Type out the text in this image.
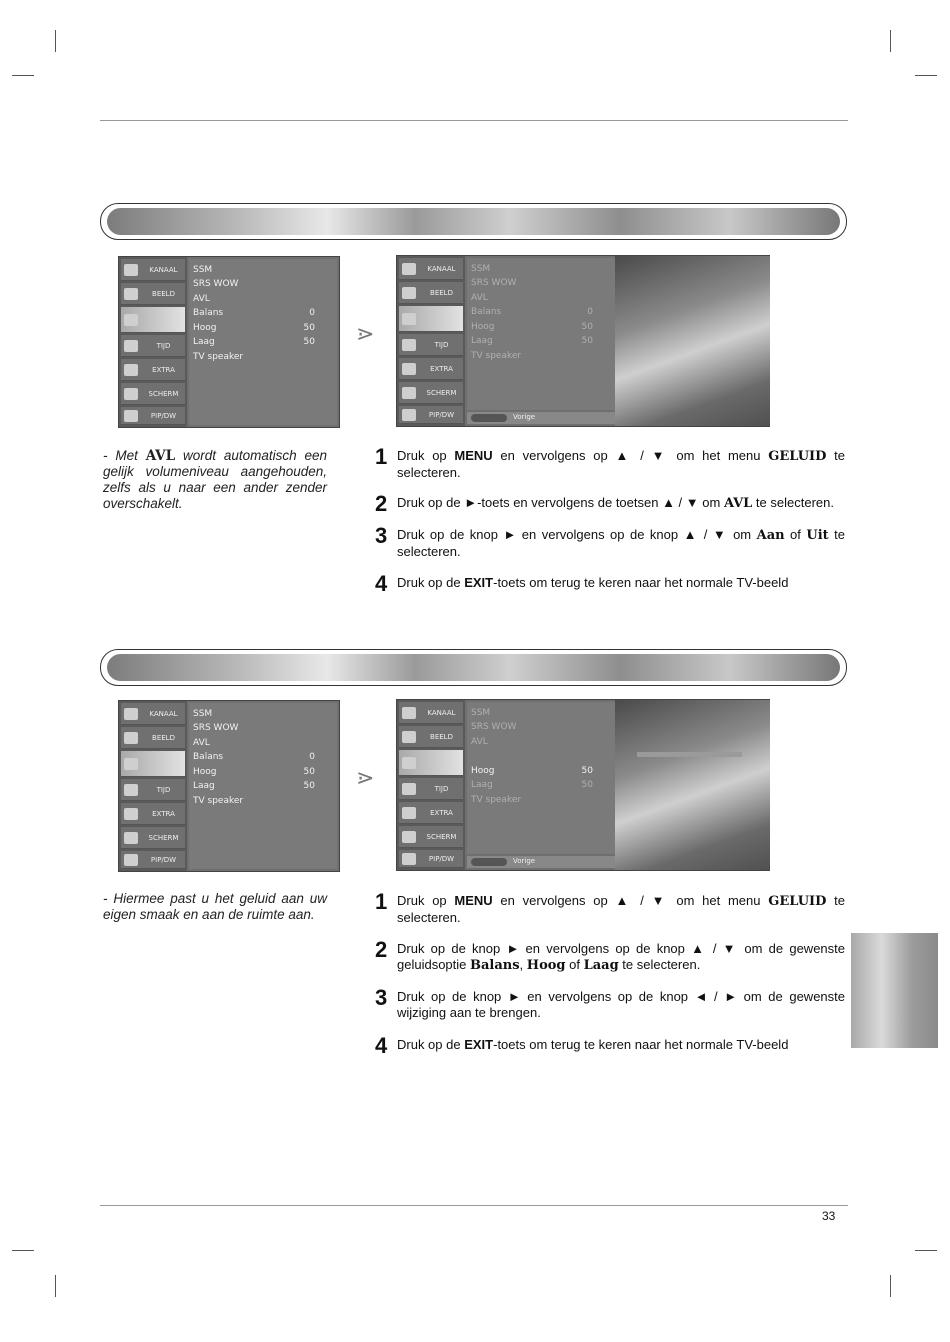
KANAAL
BEELD
TIJD
EXTRA
SCHERM
PIP/DW
SSM
SRS WOW
AVL
Balans	0
Hoog	50
Laag	50
TV speaker
⋗
KANAAL
BEELD
TIJD
EXTRA
SCHERM
PIP/DW
SSM
SRS WOW
AVL
Balans	0
Hoog	50
Laag	50
TV speaker
Vorige
- Met AVL wordt automatisch een gelijk volumeniveau aangehouden, zelfs als u naar een ander zender overschakelt.
1 Druk op MENU en vervolgens op ▲ / ▼ om het menu GELUID te selecteren.
2 Druk op de ►-toets en vervolgens de toetsen ▲ / ▼ om AVL te selecteren.
3 Druk op de knop ► en vervolgens op de knop ▲ / ▼ om Aan of Uit te selecteren.
4 Druk op de EXIT-toets om terug te keren naar het normale TV-beeld
KANAAL
BEELD
TIJD
EXTRA
SCHERM
PIP/DW
SSM
SRS WOW
AVL
Balans	0
Hoog	50
Laag	50
TV speaker
⋗
KANAAL
BEELD
TIJD
EXTRA
SCHERM
PIP/DW
SSM
SRS WOW
AVL
Hoog	50
Laag	50
TV speaker
Vorige
- Hiermee past u het geluid aan uw eigen smaak en aan de ruimte aan.
1 Druk op MENU en vervolgens op ▲ / ▼ om het menu GELUID te selecteren.
2 Druk op de knop ► en vervolgens op de knop ▲ / ▼ om de gewenste geluidsoptie Balans, Hoog of Laag te selecteren.
3 Druk op de knop ► en vervolgens op de knop ◄ / ► om de gewenste wijziging aan te brengen.
4 Druk op de EXIT-toets om terug te keren naar het normale TV-beeld
33
